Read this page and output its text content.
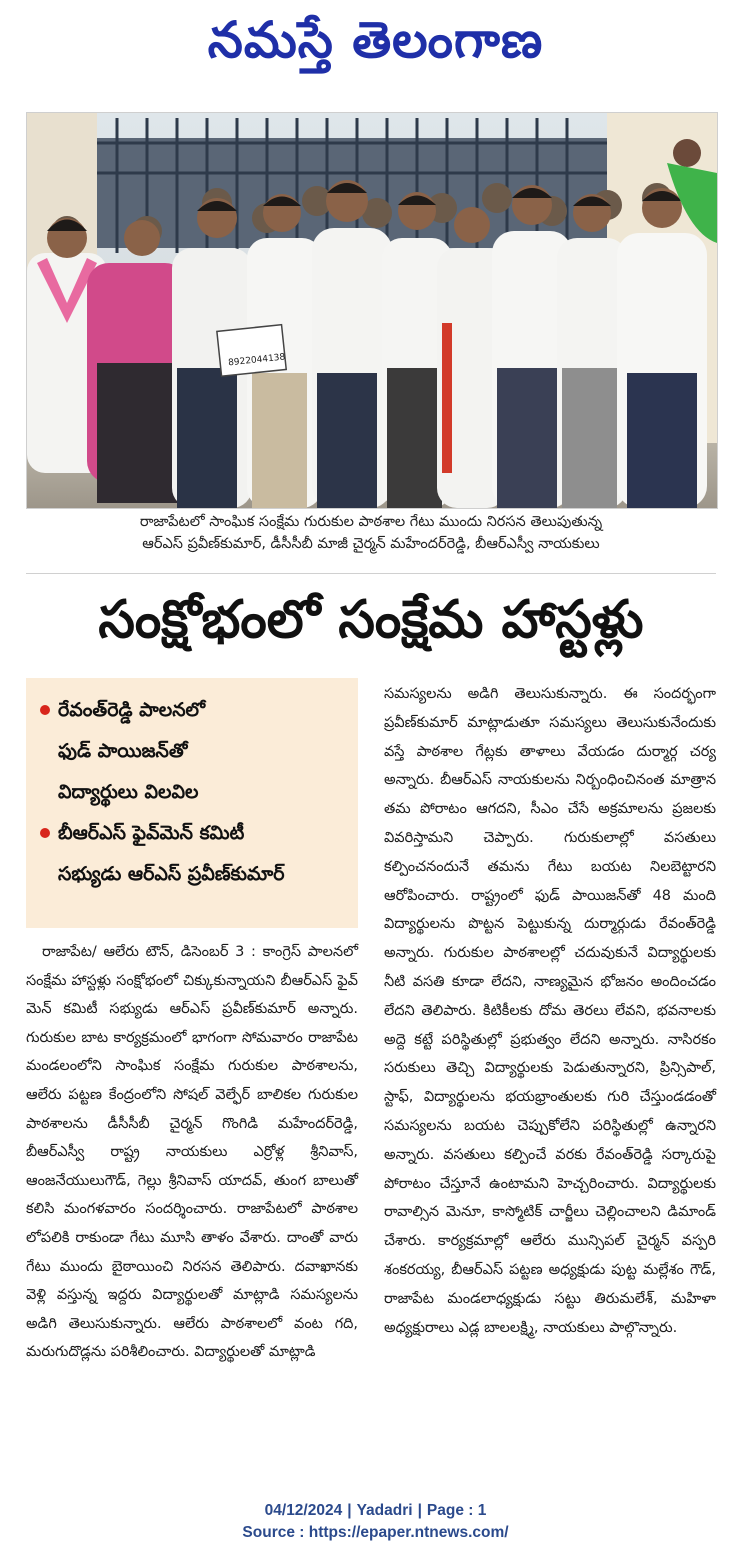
నమస్తే తెలంగాణ
8922044138
రాజాపేటలో సాంఘిక సంక్షేమ గురుకుల పాఠశాల గేటు ముందు నిరసన తెలుపుతున్న
ఆర్ఎస్ ప్రవీణ్‌కుమార్, డీసీసీబీ మాజీ చైర్మన్ మహేందర్‌రెడ్డి, బీఆర్ఎస్వీ నాయకులు
సంక్షోభంలో సంక్షేమ హాస్టళ్లు
రేవంత్‌రెడ్డి పాలనలో
ఫుడ్ పాయిజన్‌తో
విద్యార్థులు విలవిల
బీఆర్ఎస్ ఫైవ్‌మెన్ కమిటీ
సభ్యుడు ఆర్ఎస్ ప్రవీణ్‌కుమార్
రాజాపేట/ ఆలేరు టౌన్, డిసెంబర్ 3 : కాంగ్రెస్ పాలనలో సంక్షేమ హాస్టళ్లు సంక్షోభంలో చిక్కుకున్నాయని బీఆర్ఎస్ ఫైవ్ మెన్ కమిటీ సభ్యుడు ఆర్ఎస్ ప్రవీణ్‌కుమార్ అన్నారు. గురుకుల బాట కార్యక్రమంలో భాగంగా సోమవారం రాజాపేట మండలంలోని సాంఘిక సంక్షేమ గురుకుల పాఠశాలను, ఆలేరు పట్టణ కేంద్రంలోని సోషల్ వెల్ఫేర్ బాలికల గురుకుల పాఠశాలను డీసీసీబీ చైర్మన్ గొంగిడి మహేందర్‌రెడ్డి, బీఆర్ఎస్వీ రాష్ట్ర నాయకులు ఎర్రోళ్ల శ్రీనివాస్, ఆంజనేయులుగౌడ్, గెల్లు శ్రీనివాస్ యాదవ్, తుంగ బాలుతో కలిసి మంగళవారం సందర్శించారు. రాజాపేటలో పాఠశాల లోపలికి రాకుండా గేటు మూసి తాళం వేశారు. దాంతో వారు గేటు ముందు బైఠాయించి నిరసన తెలిపారు. దవాఖానకు వెళ్లి వస్తున్న ఇద్దరు విద్యార్థులతో మాట్లాడి సమస్యలను అడిగి తెలుసుకున్నారు. ఆలేరు పాఠశాలలో వంట గది, మరుగుదొడ్లను పరిశీలించారు. విద్యార్థులతో మాట్లాడి
సమస్యలను అడిగి తెలుసుకున్నారు. ఈ సందర్భంగా ప్రవీణ్‌కుమార్ మాట్లాడుతూ సమస్యలు తెలుసుకునేందుకు వస్తే పాఠశాల గేట్లకు తాళాలు వేయడం దుర్మార్గ చర్య అన్నారు. బీఆర్ఎస్ నాయకులను నిర్బంధించినంత మాత్రాన తమ పోరాటం ఆగదని, సీఎం చేసే అక్రమాలను ప్రజలకు వివరిస్తామని చెప్పారు. గురుకులాల్లో వసతులు కల్పించనందునే తమను గేటు బయట నిలబెట్టారని ఆరోపించారు. రాష్ట్రంలో ఫుడ్ పాయిజన్‌తో 48 మంది విద్యార్థులను పొట్టన పెట్టుకున్న దుర్మార్గుడు రేవంత్‌రెడ్డి అన్నారు. గురుకుల పాఠశాలల్లో చదువుకునే విద్యార్థులకు నీటి వసతి కూడా లేదని, నాణ్యమైన భోజనం అందించడం లేదని తెలిపారు. కిటికీలకు దోమ తెరలు లేవని, భవనాలకు అద్దె కట్టే పరిస్థితుల్లో ప్రభుత్వం లేదని అన్నారు. నాసిరకం సరుకులు తెచ్చి విద్యార్థులకు పెడుతున్నారని, ప్రిన్సిపాల్, స్టాఫ్, విద్యార్థులను భయభ్రాంతులకు గురి చేస్తుండడంతో సమస్యలను బయట చెప్పుకోలేని పరిస్థితుల్లో ఉన్నారని అన్నారు. వసతులు కల్పించే వరకు రేవంత్‌రెడ్డి సర్కారుపై పోరాటం చేస్తూనే ఉంటామని హెచ్చరించారు. విద్యార్థులకు రావాల్సిన మెనూ, కాస్మోటిక్ చార్జీలు చెల్లించాలని డిమాండ్ చేశారు. కార్యక్రమాల్లో ఆలేరు మున్సిపల్ చైర్మన్ వస్పరి శంకరయ్య, బీఆర్ఎస్ పట్టణ అధ్యక్షుడు పుట్ట మల్లేశం గౌడ్, రాజాపేట మండలాధ్యక్షుడు సట్టు తిరుమలేశ్, మహిళా అధ్యక్షురాలు ఎడ్ల బాలలక్ష్మి, నాయకులు పాల్గొన్నారు.
04/12/2024 | Yadadri | Page : 1
Source : https://epaper.ntnews.com/
